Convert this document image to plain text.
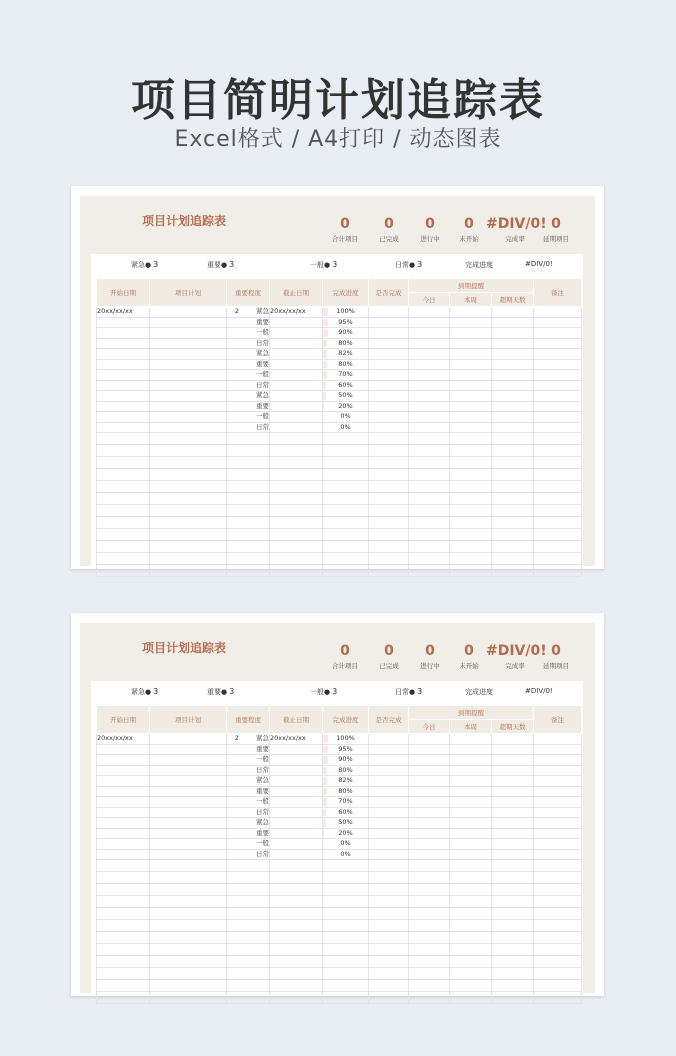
项目简明计划追踪表
Excel格式 / A4打印 / 动态图表
项目计划追踪表	0
合计项目
0
已完成
0
进行中
0
未开始
#DIV/0!
完成率
0
延期项目
紧急● 3	重要● 3	一般● 3	日常● 3	完成进度	#DIV/0!
开始日期	项目计划	重要程度	截止日期	完成进度	是否完成	到期提醒			备注
						今日	本周	超期天数	
20xx/xx/xx		2 紧急	20xx/xx/xx	100%					
		重要		95%					
		一般		90%					
		日常		80%					
		紧急		82%					
		重要		80%					
		一般		70%					
		日常		60%					
		紧急		50%					
		重要		20%					
		一般		0%					
		日常		0%					

项目计划追踪表	0
合计项目
0
已完成
0
进行中
0
未开始
#DIV/0!
完成率
0
延期项目
紧急● 3	重要● 3	一般● 3	日常● 3	完成进度	#DIV/0!
开始日期	项目计划	重要程度	截止日期	完成进度	是否完成	到期提醒			备注
						今日	本周	超期天数	
20xx/xx/xx		2 紧急	20xx/xx/xx	100%					
		重要		95%					
		一般		90%					
		日常		80%					
		紧急		82%					
		重要		80%					
		一般		70%					
		日常		60%					
		紧急		50%					
		重要		20%					
		一般		0%					
		日常		0%					
